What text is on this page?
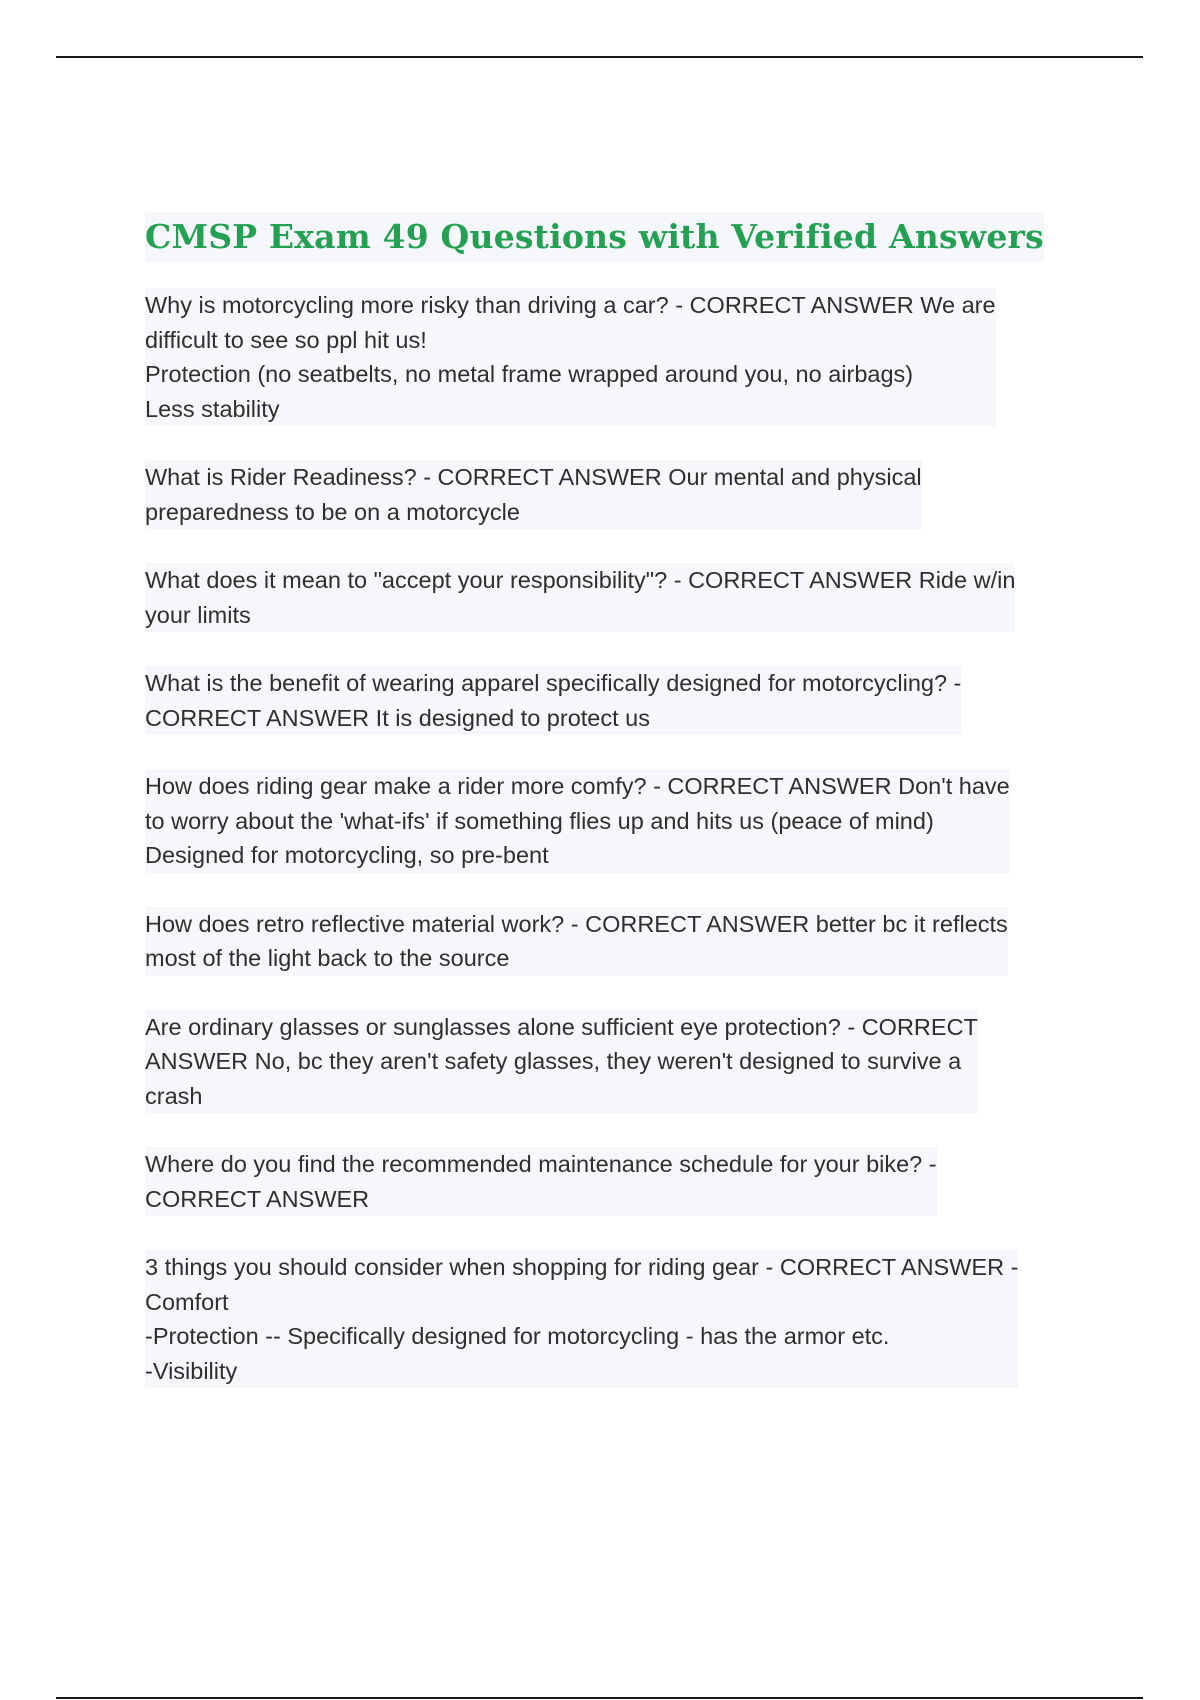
CMSP Exam 49 Questions with Verified Answers
Why is motorcycling more risky than driving a car? - CORRECT ANSWER We are
difficult to see so ppl hit us!
Protection (no seatbelts, no metal frame wrapped around you, no airbags)
Less stability
What is Rider Readiness? - CORRECT ANSWER Our mental and physical
preparedness to be on a motorcycle
What does it mean to "accept your responsibility"? - CORRECT ANSWER Ride w/in
your limits
What is the benefit of wearing apparel specifically designed for motorcycling? -
CORRECT ANSWER It is designed to protect us
How does riding gear make a rider more comfy? - CORRECT ANSWER Don't have
to worry about the 'what-ifs' if something flies up and hits us (peace of mind)
Designed for motorcycling, so pre-bent
How does retro reflective material work? - CORRECT ANSWER better bc it reflects
most of the light back to the source
Are ordinary glasses or sunglasses alone sufficient eye protection? - CORRECT
ANSWER No, bc they aren't safety glasses, they weren't designed to survive a
crash
Where do you find the recommended maintenance schedule for your bike? -
CORRECT ANSWER
3 things you should consider when shopping for riding gear - CORRECT ANSWER -
Comfort
-Protection -- Specifically designed for motorcycling - has the armor etc.
-Visibility
